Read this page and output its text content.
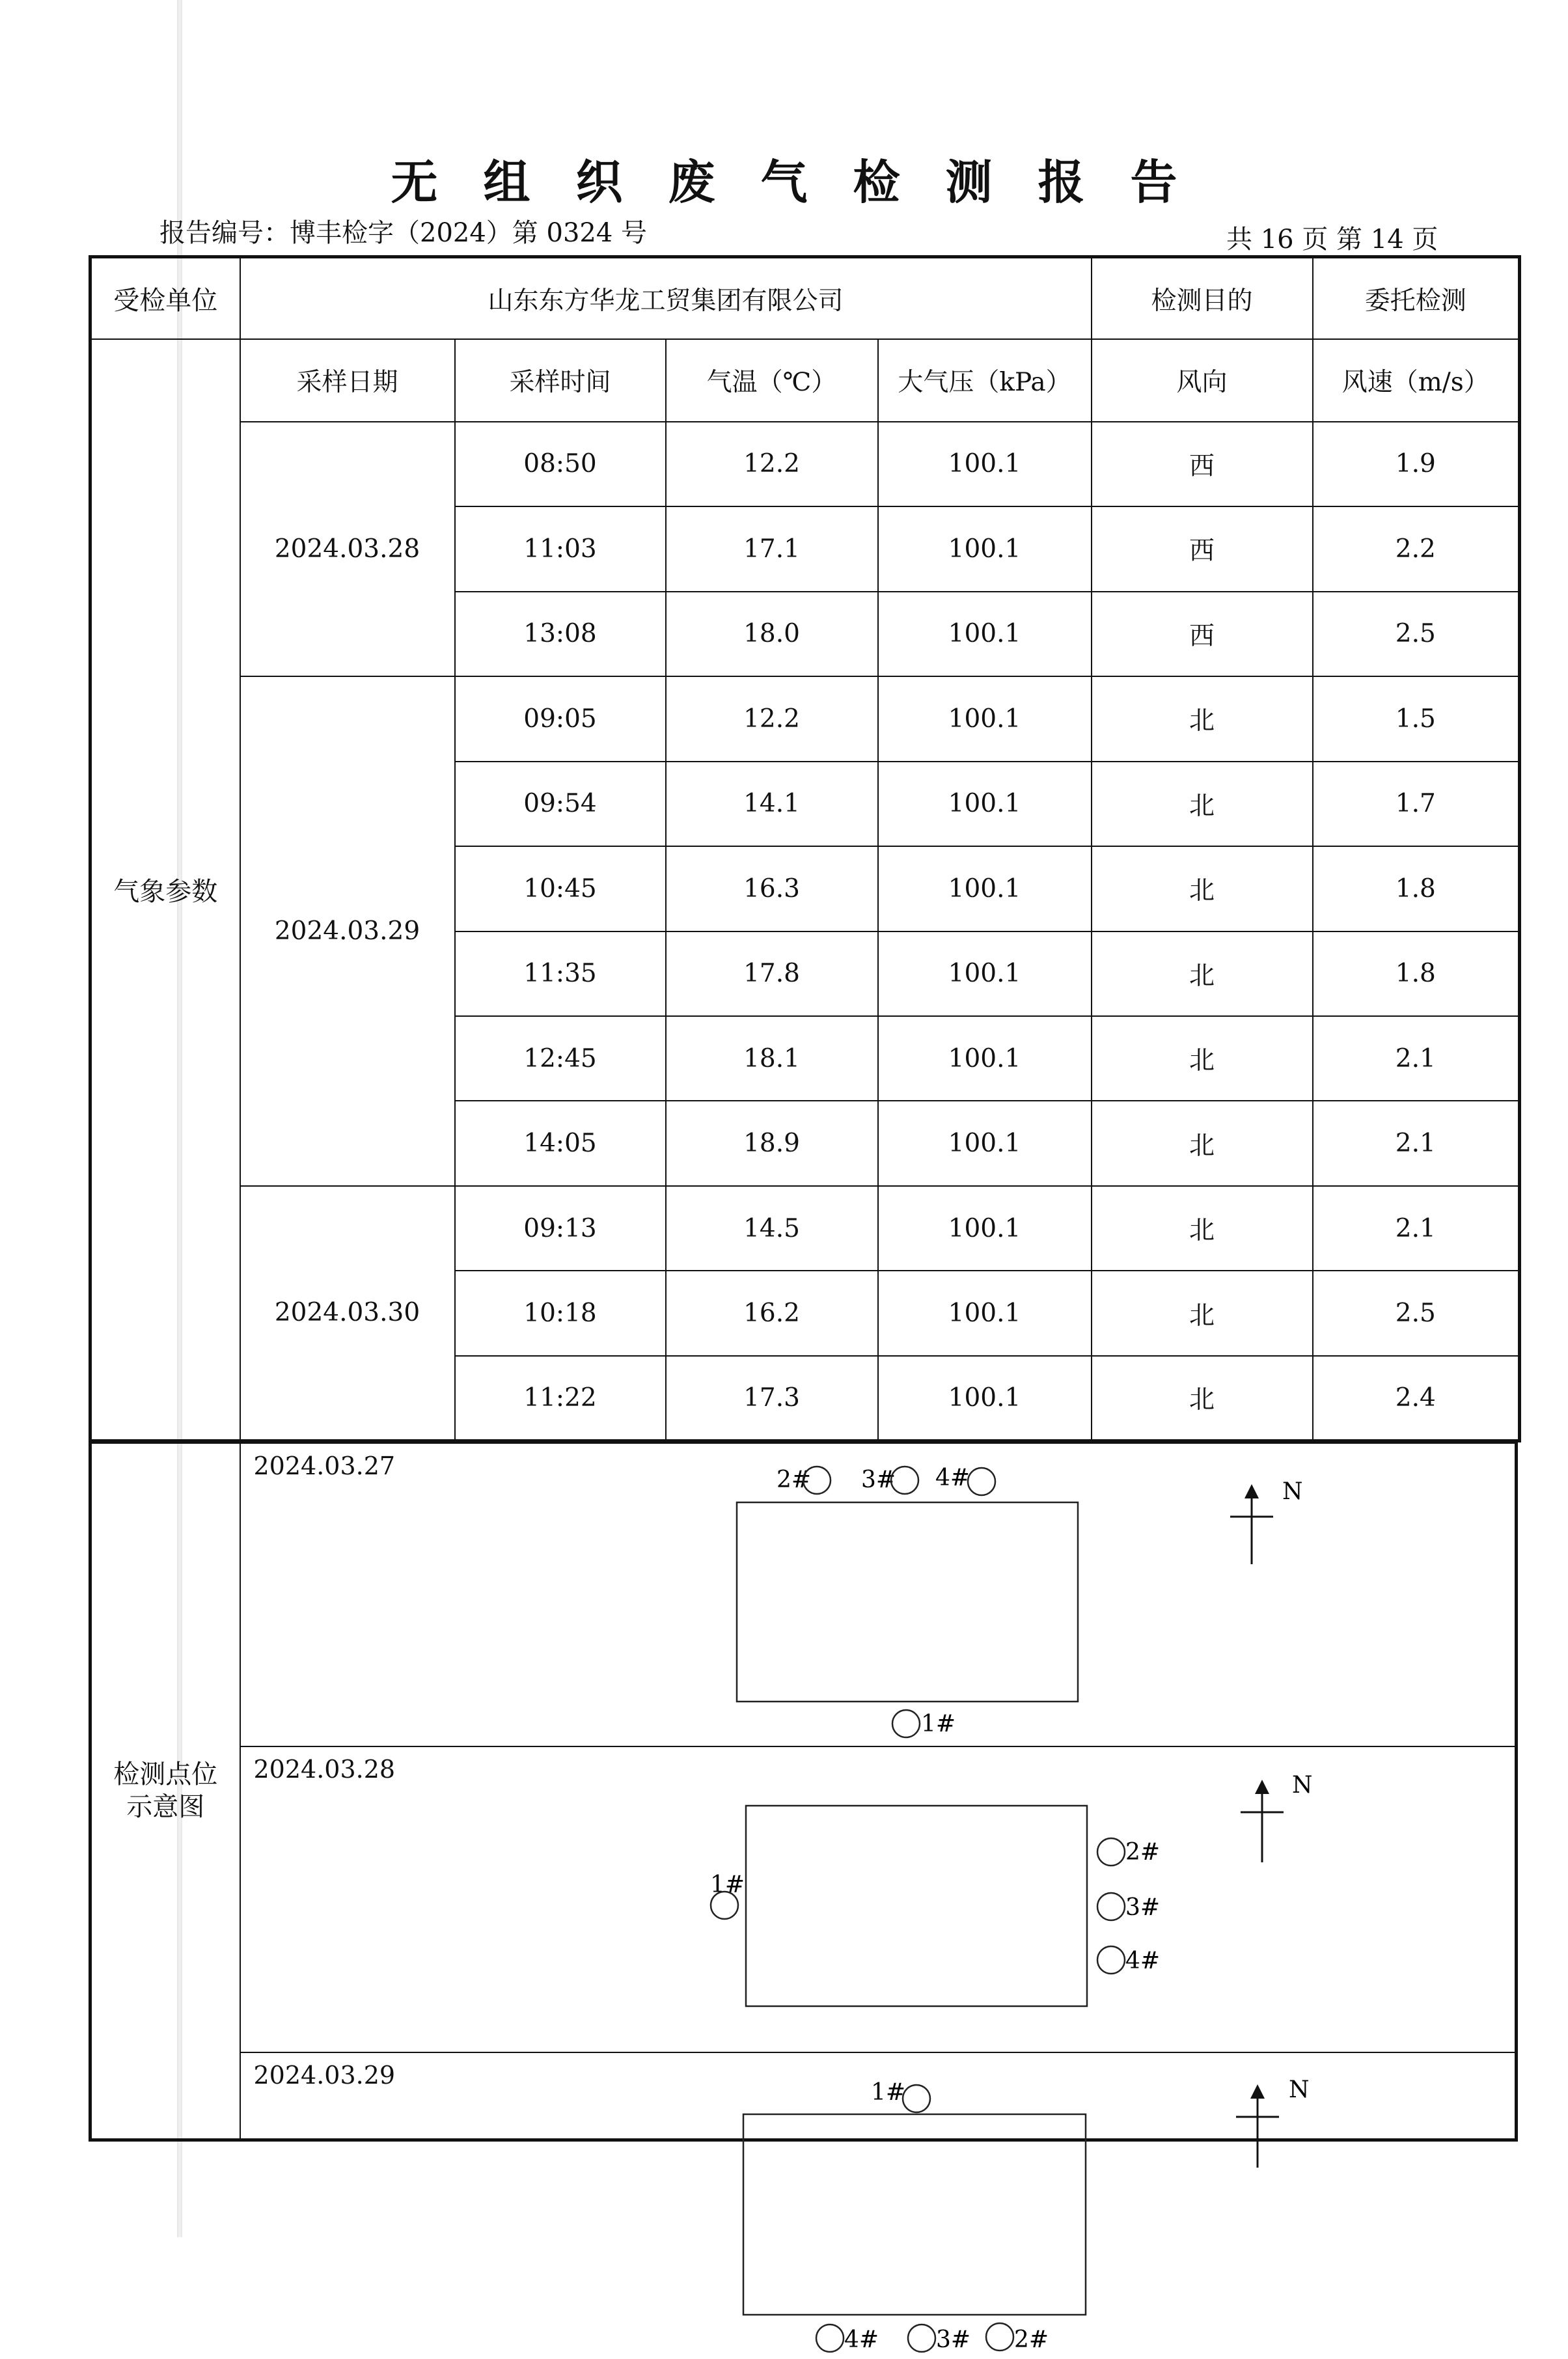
无组织废气检测报告
报告编号：博丰检字（2024）第 0324 号	共 16 页 第 14 页
受检单位	山东东方华龙工贸集团有限公司				检测目的	委托检测
气象参数	采样日期	采样时间	气温（℃）	大气压（kPa）	风向	风速（m/s）
	2024.03.28	08:50	12.2	100.1	西	1.9
		11:03	17.1	100.1	西	2.2
		13:08	18.0	100.1	西	2.5
	2024.03.29	09:05	12.2	100.1	北	1.5
		09:54	14.1	100.1	北	1.7
		10:45	16.3	100.1	北	1.8
		11:35	17.8	100.1	北	1.8
		12:45	18.1	100.1	北	2.1
		14:05	18.9	100.1	北	2.1
	2024.03.30	09:13	14.5	100.1	北	2.1
		10:18	16.2	100.1	北	2.5
		11:22	17.3	100.1	北	2.4
检测点位
示意图

2024.03.27	2# 3# 4#
1#
N

2024.03.28
1#
2#
3#
4#
N

2024.03.29
1#
4# 3# 2#
N
